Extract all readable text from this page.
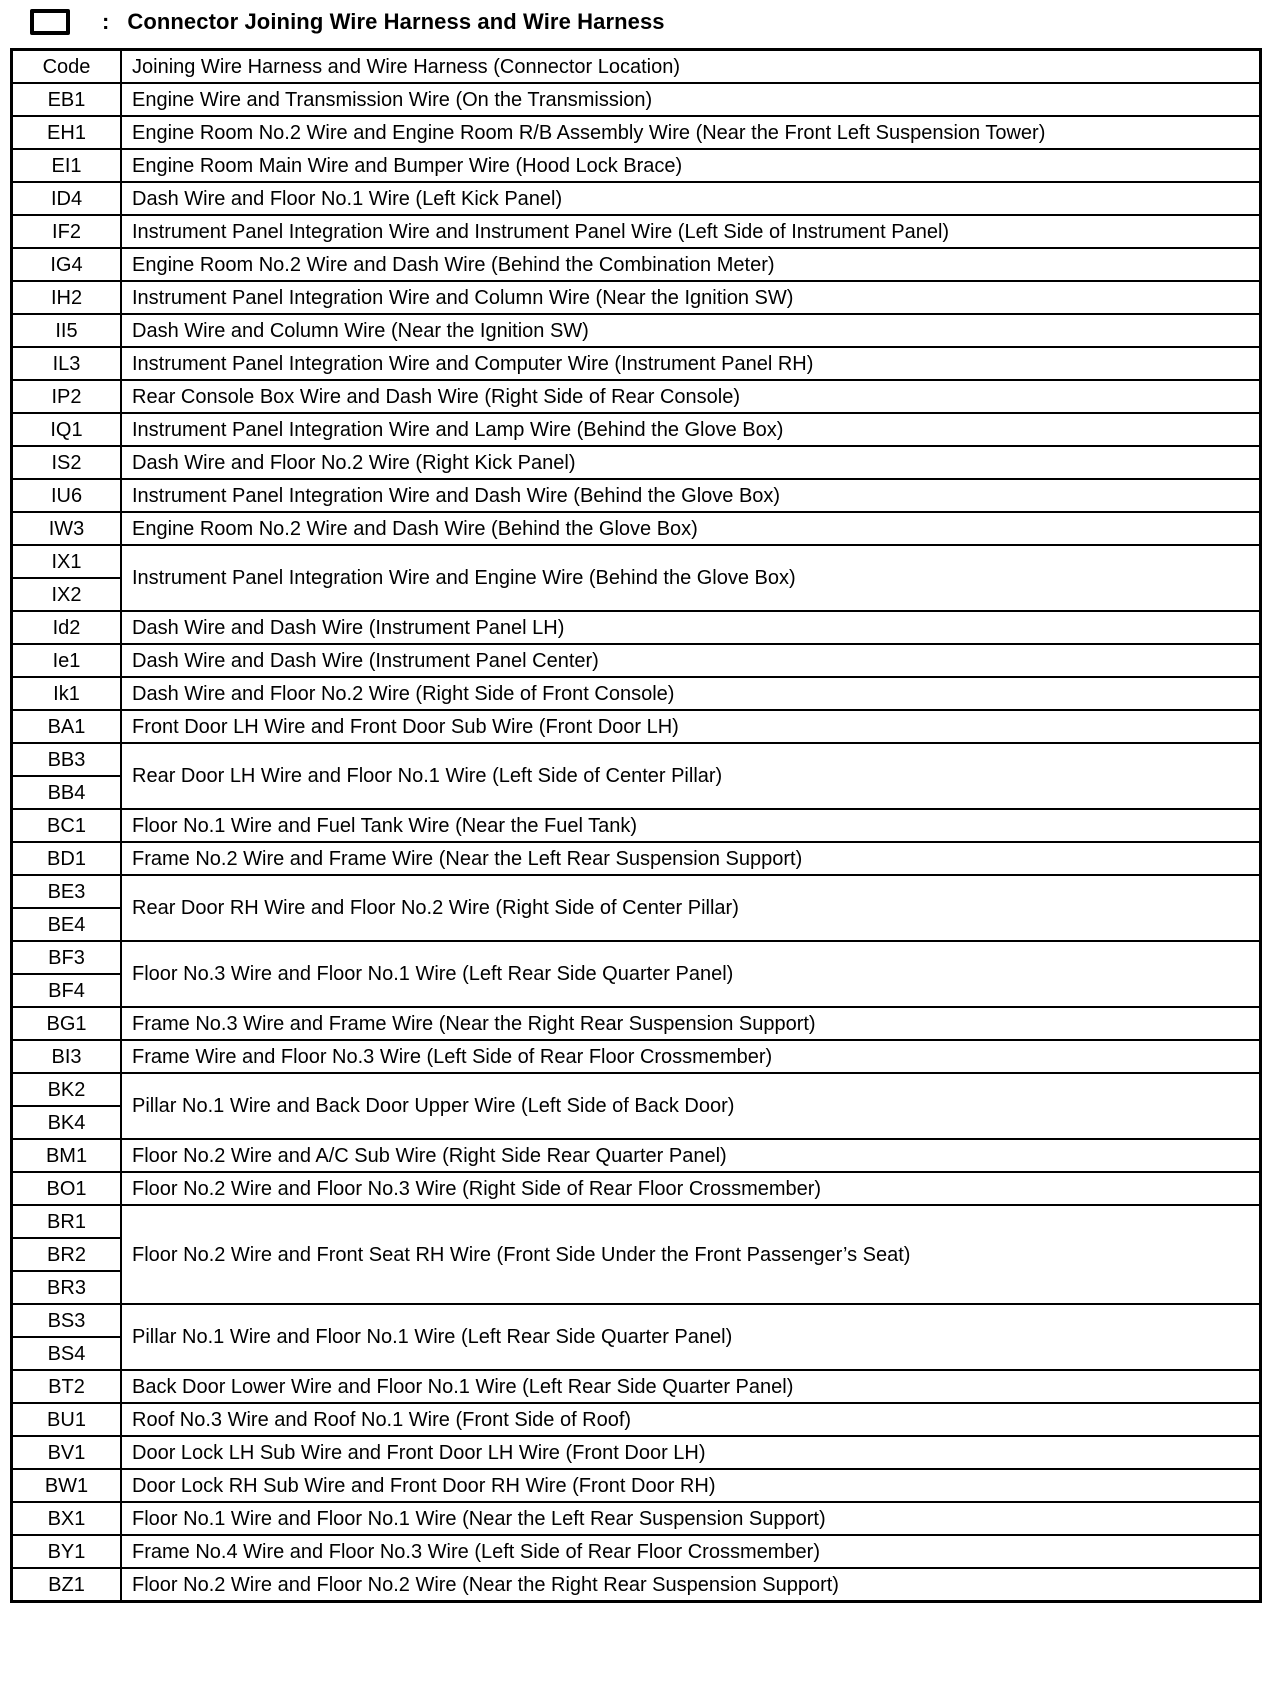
: Connector Joining Wire Harness and Wire Harness
Code	Joining Wire Harness and Wire Harness (Connector Location)
EB1	Engine Wire and Transmission Wire (On the Transmission)
EH1	Engine Room No.2 Wire and Engine Room R/B Assembly Wire (Near the Front Left Suspension Tower)
EI1	Engine Room Main Wire and Bumper Wire (Hood Lock Brace)
ID4	Dash Wire and Floor No.1 Wire (Left Kick Panel)
IF2	Instrument Panel Integration Wire and Instrument Panel Wire (Left Side of Instrument Panel)
IG4	Engine Room No.2 Wire and Dash Wire (Behind the Combination Meter)
IH2	Instrument Panel Integration Wire and Column Wire (Near the Ignition SW)
II5	Dash Wire and Column Wire (Near the Ignition SW)
IL3	Instrument Panel Integration Wire and Computer Wire (Instrument Panel RH)
IP2	Rear Console Box Wire and Dash Wire (Right Side of Rear Console)
IQ1	Instrument Panel Integration Wire and Lamp Wire (Behind the Glove Box)
IS2	Dash Wire and Floor No.2 Wire (Right Kick Panel)
IU6	Instrument Panel Integration Wire and Dash Wire (Behind the Glove Box)
IW3	Engine Room No.2 Wire and Dash Wire (Behind the Glove Box)
IX1	Instrument Panel Integration Wire and Engine Wire (Behind the Glove Box)
IX2	
Id2	Dash Wire and Dash Wire (Instrument Panel LH)
Ie1	Dash Wire and Dash Wire (Instrument Panel Center)
Ik1	Dash Wire and Floor No.2 Wire (Right Side of Front Console)
BA1	Front Door LH Wire and Front Door Sub Wire (Front Door LH)
BB3	Rear Door LH Wire and Floor No.1 Wire (Left Side of Center Pillar)
BB4	
BC1	Floor No.1 Wire and Fuel Tank Wire (Near the Fuel Tank)
BD1	Frame No.2 Wire and Frame Wire (Near the Left Rear Suspension Support)
BE3	Rear Door RH Wire and Floor No.2 Wire (Right Side of Center Pillar)
BE4	
BF3	Floor No.3 Wire and Floor No.1 Wire (Left Rear Side Quarter Panel)
BF4	
BG1	Frame No.3 Wire and Frame Wire (Near the Right Rear Suspension Support)
BI3	Frame Wire and Floor No.3 Wire (Left Side of Rear Floor Crossmember)
BK2	Pillar No.1 Wire and Back Door Upper Wire (Left Side of Back Door)
BK4	
BM1	Floor No.2 Wire and A/C Sub Wire (Right Side Rear Quarter Panel)
BO1	Floor No.2 Wire and Floor No.3 Wire (Right Side of Rear Floor Crossmember)
BR1	Floor No.2 Wire and Front Seat RH Wire (Front Side Under the Front Passenger’s Seat)
BR2	
BR3	
BS3	Pillar No.1 Wire and Floor No.1 Wire (Left Rear Side Quarter Panel)
BS4	
BT2	Back Door Lower Wire and Floor No.1 Wire (Left Rear Side Quarter Panel)
BU1	Roof No.3 Wire and Roof No.1 Wire (Front Side of Roof)
BV1	Door Lock LH Sub Wire and Front Door LH Wire (Front Door LH)
BW1	Door Lock RH Sub Wire and Front Door RH Wire (Front Door RH)
BX1	Floor No.1 Wire and Floor No.1 Wire (Near the Left Rear Suspension Support)
BY1	Frame No.4 Wire and Floor No.3 Wire (Left Side of Rear Floor Crossmember)
BZ1	Floor No.2 Wire and Floor No.2 Wire (Near the Right Rear Suspension Support)
